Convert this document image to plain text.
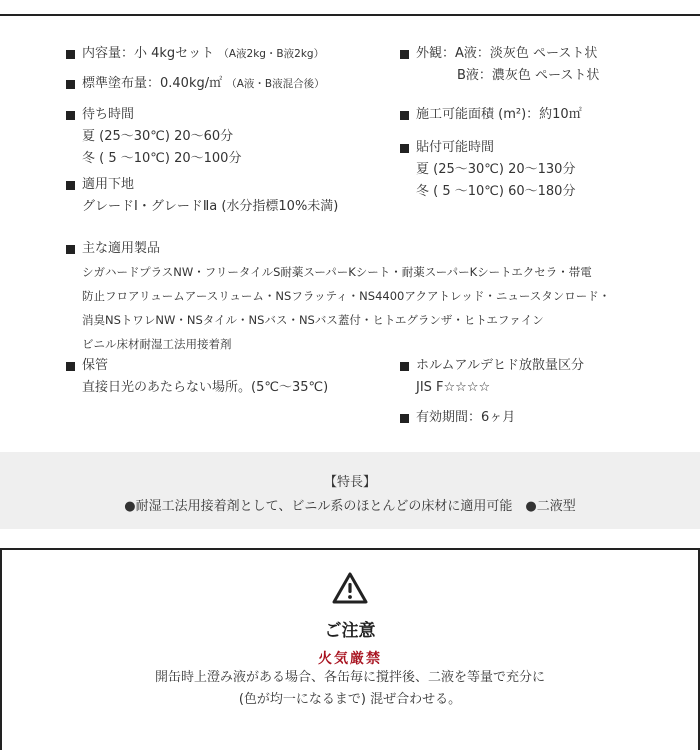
内容量：小 4kgセット
（A液2kg・B液2kg）
標準塗布量：0.40kg/㎡
（A液・B液混合後）
待ち時間
夏 (25〜30℃) 20〜60分
冬 ( 5 〜10℃) 20〜100分
適用下地
グレードⅠ・グレードⅡa (水分指標10%未満)
外観：A液：淡灰色 ペースト状
B液：濃灰色 ペースト状
施工可能面積 (m²)：約10㎡
貼付可能時間
夏 (25〜30℃) 20〜130分
冬 ( 5 〜10℃) 60〜180分
主な適用製品
シガハードプラスNW・フリータイルS耐薬スーパーKシート・耐薬スーパーKシートエクセラ・帯電
防止フロアリュームアースリューム・NSフラッティ・NS4400アクアトレッド・ニュースタンロード・
消臭NSトワレNW・NSタイル・NSバス・NSバス蓋付・ヒトエグランザ・ヒトエファイン
ビニル床材耐湿工法用接着剤
保管
直接日光のあたらない場所。(5℃〜35℃)
ホルムアルデヒド放散量区分
JIS F☆☆☆☆
有効期間：6ヶ月
【特長】
●耐湿工法用接着剤として、ビニル系のほとんどの床材に適用可能　●二液型
ご注意
火気厳禁
開缶時上澄み液がある場合、各缶毎に撹拌後、二液を等量で充分に
(色が均一になるまで) 混ぜ合わせる。
